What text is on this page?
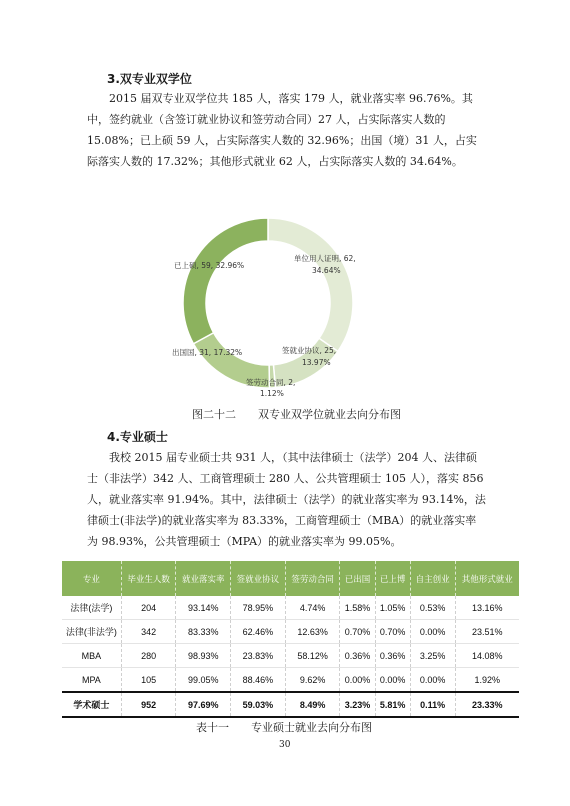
3.双专业双学位

2015 届双专业双学位共 185 人，落实 179 人，就业落实率 96.76%。其中，签约就业（含签订就业协议和签劳动合同）27 人，占实际落实人数的 15.08%；已上硕 59 人，占实际落实人数的 32.96%；出国（境）31 人，占实际落实人数的 17.32%；其他形式就业 62 人，占实际落实人数的 34.64%。

单位用人证明, 62,
34.64%
签就业协议, 25,
13.97%
签劳动合同, 2,
1.12%
出国国, 31, 17.32%
已上硕, 59, 32.96%
图二十二　　双专业双学位就业去向分布图
4.专业硕士

我校 2015 届专业硕士共 931 人，（其中法律硕士（法学）204 人、法律硕士（非法学）342 人、工商管理硕士 280 人、公共管理硕士 105 人），落实 856 人，就业落实率 91.94%。其中，法律硕士（法学）的就业落实率为 93.14%，法律硕士(非法学)的就业落实率为 83.33%，工商管理硕士（MBA）的就业落实率为 98.93%，公共管理硕士（MPA）的就业落实率为 99.05%。

专业	毕业生人数	就业落实率	签就业协议	签劳动合同	已出国	已上博	自主创业	其他形式就业
法律(法学)	204	93.14%	78.95%	4.74%	1.58%	1.05%	0.53%	13.16%
法律(非法学)	342	83.33%	62.46%	12.63%	0.70%	0.70%	0.00%	23.51%
MBA	280	98.93%	23.83%	58.12%	0.36%	0.36%	3.25%	14.08%
MPA	105	99.05%	88.46%	9.62%	0.00%	0.00%	0.00%	1.92%
学术硕士	952	97.69%	59.03%	8.49%	3.23%	5.81%	0.11%	23.33%
表十一　　专业硕士就业去向分布图
30
